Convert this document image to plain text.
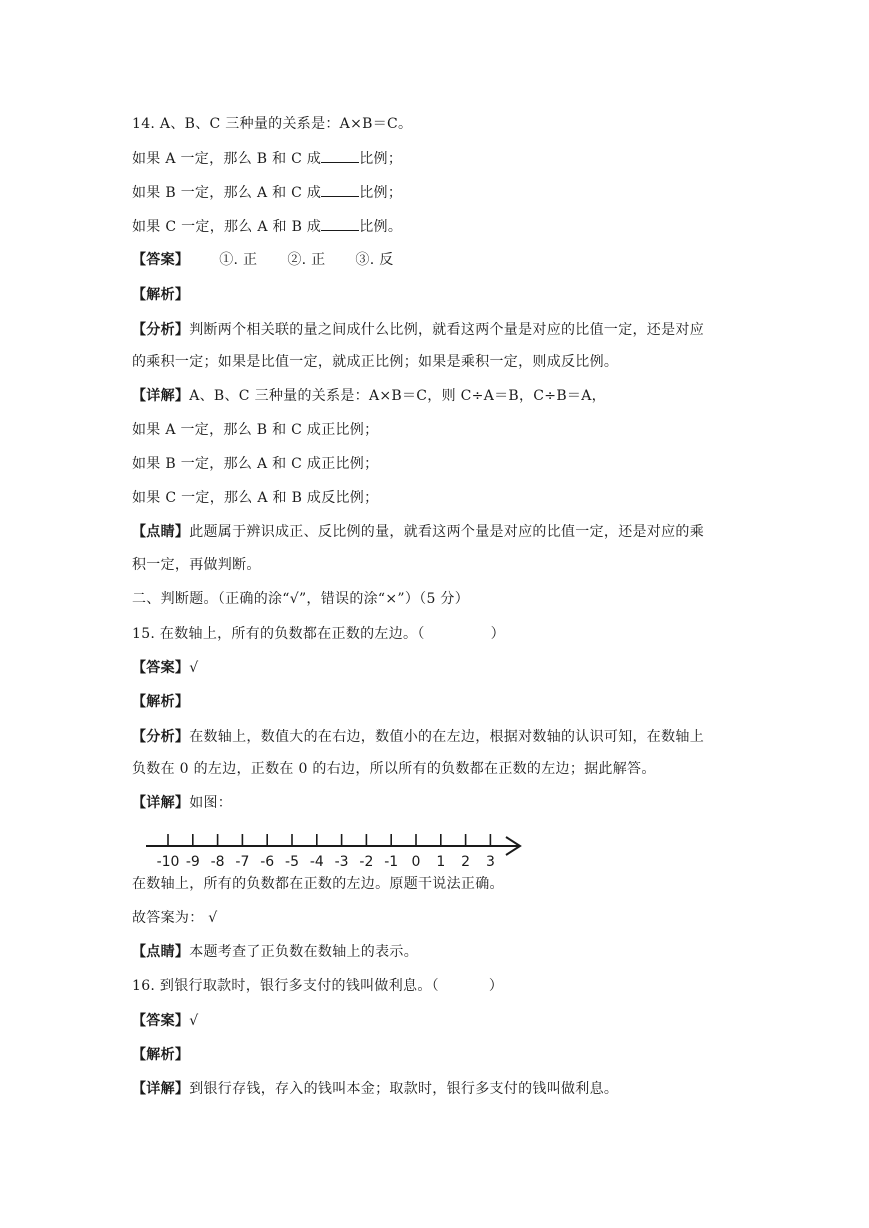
14. A、B、C 三种量的关系是：A×B＝C。
如果 A 一定，那么 B 和 C 成	比例；
如果 B 一定，那么 A 和 C 成	比例；
如果 C 一定，那么 A 和 B 成	比例。
【答案】 ①. 正 ②. 正 ③. 反
【解析】
【分析】判断两个相关联的量之间成什么比例，就看这两个量是对应的比值一定，还是对应
的乘积一定；如果是比值一定，就成正比例；如果是乘积一定，则成反比例。
【详解】A、B、C 三种量的关系是：A×B＝C，则 C÷A＝B，C÷B＝A，
如果 A 一定，那么 B 和 C 成正比例；
如果 B 一定，那么 A 和 C 成正比例；
如果 C 一定，那么 A 和 B 成反比例；
【点睛】此题属于辨识成正、反比例的量，就看这两个量是对应的比值一定，还是对应的乘
积一定，再做判断。
二、判断题。（正确的涂“√”，错误的涂“×”）（5 分）
15. 在数轴上，所有的负数都在正数的左边。（	）
【答案】√
【解析】
【分析】在数轴上，数值大的在右边，数值小的在左边，根据对数轴的认识可知，在数轴上
负数在 0 的左边，正数在 0 的右边，所以所有的负数都在正数的左边；据此解答。
【详解】如图：
-10 -9 -8 -7 -6 -5 -4 -3 -2 -1 0 1 2 3
在数轴上，所有的负数都在正数的左边。原题干说法正确。
故答案为： √
【点睛】本题考查了正负数在数轴上的表示。
16. 到银行取款时，银行多支付的钱叫做利息。（	）
【答案】√
【解析】
【详解】到银行存钱，存入的钱叫本金；取款时，银行多支付的钱叫做利息。
